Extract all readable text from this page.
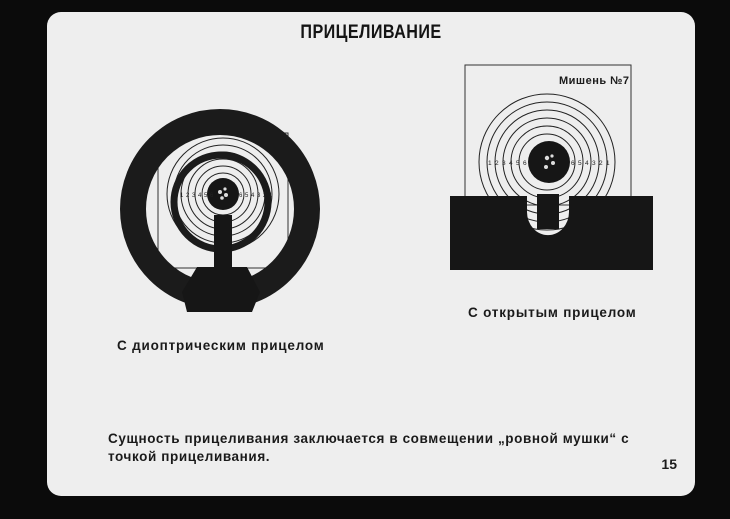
ПРИЦЕЛИВАНИЕ
1 2 3 4 5 6	6 5 4 3 2 1
1 2 3 4 5 6	6 5 4 3 2 1
Мишень №7
С диоптрическим прицелом
С открытым прицелом
Сущность прицеливания заключается в совмещении „ровной мушки“ с точкой прицеливания.	15
